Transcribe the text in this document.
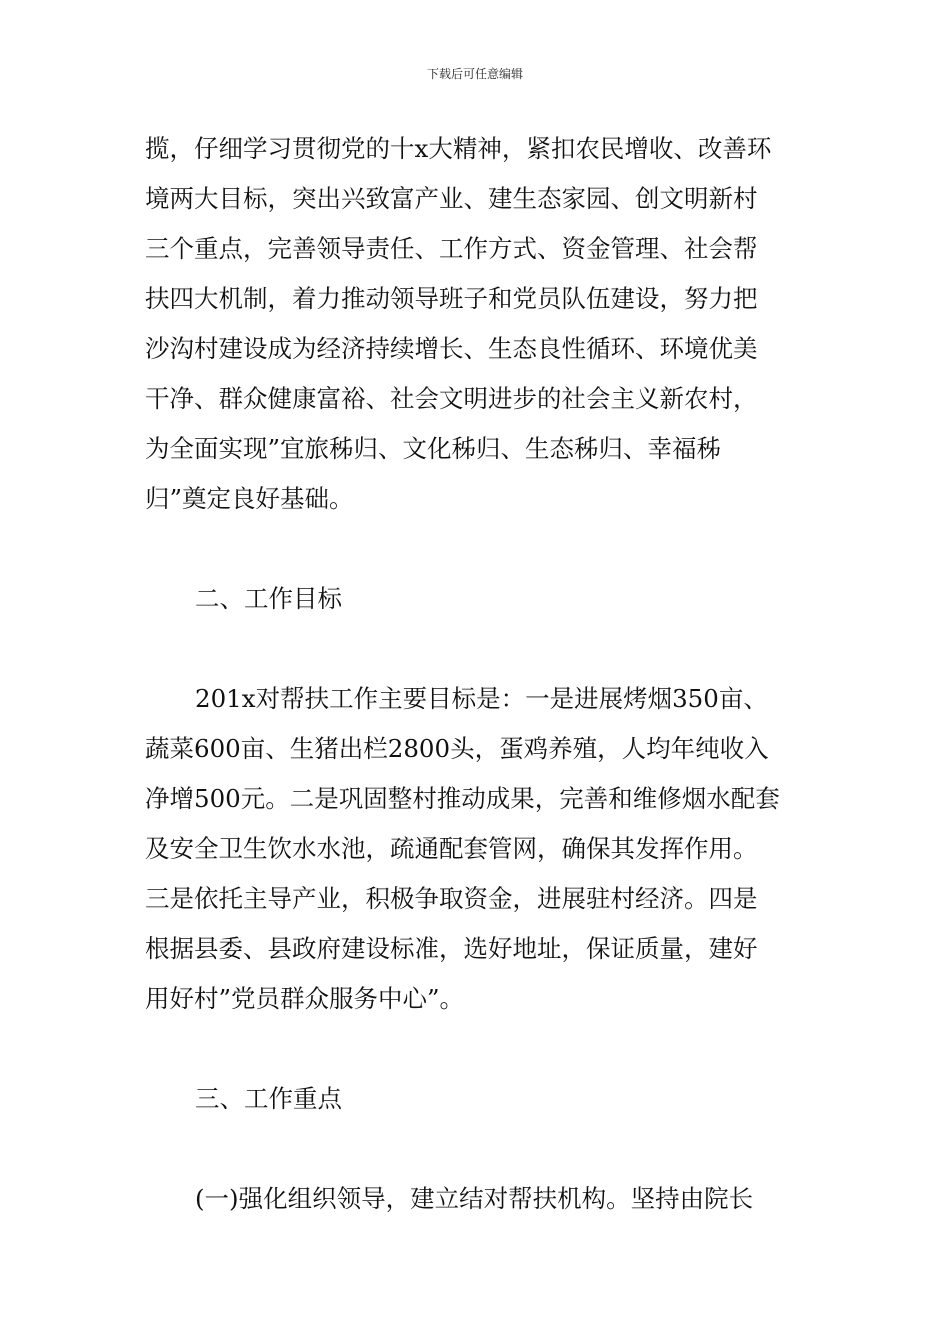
下载后可任意编辑
揽，仔细学习贯彻党的十x大精神，紧扣农民增收、改善环
境两大目标，突出兴致富产业、建生态家园、创文明新村
三个重点，完善领导责任、工作方式、资金管理、社会帮
扶四大机制，着力推动领导班子和党员队伍建设，努力把
沙沟村建设成为经济持续增长、生态良性循环、环境优美
干净、群众健康富裕、社会文明进步的社会主义新农村，
为全面实现”宜旅秭归、文化秭归、生态秭归、幸福秭
归”奠定良好基础。
二、工作目标
201x对帮扶工作主要目标是：一是进展烤烟350亩、
蔬菜600亩、生猪出栏2800头，蛋鸡养殖，人均年纯收入
净增500元。二是巩固整村推动成果，完善和维修烟水配套
及安全卫生饮水水池，疏通配套管网，确保其发挥作用。
三是依托主导产业，积极争取资金，进展驻村经济。四是
根据县委、县政府建设标准，选好地址，保证质量，建好
用好村”党员群众服务中心”。
三、工作重点
(一)强化组织领导，建立结对帮扶机构。坚持由院长
